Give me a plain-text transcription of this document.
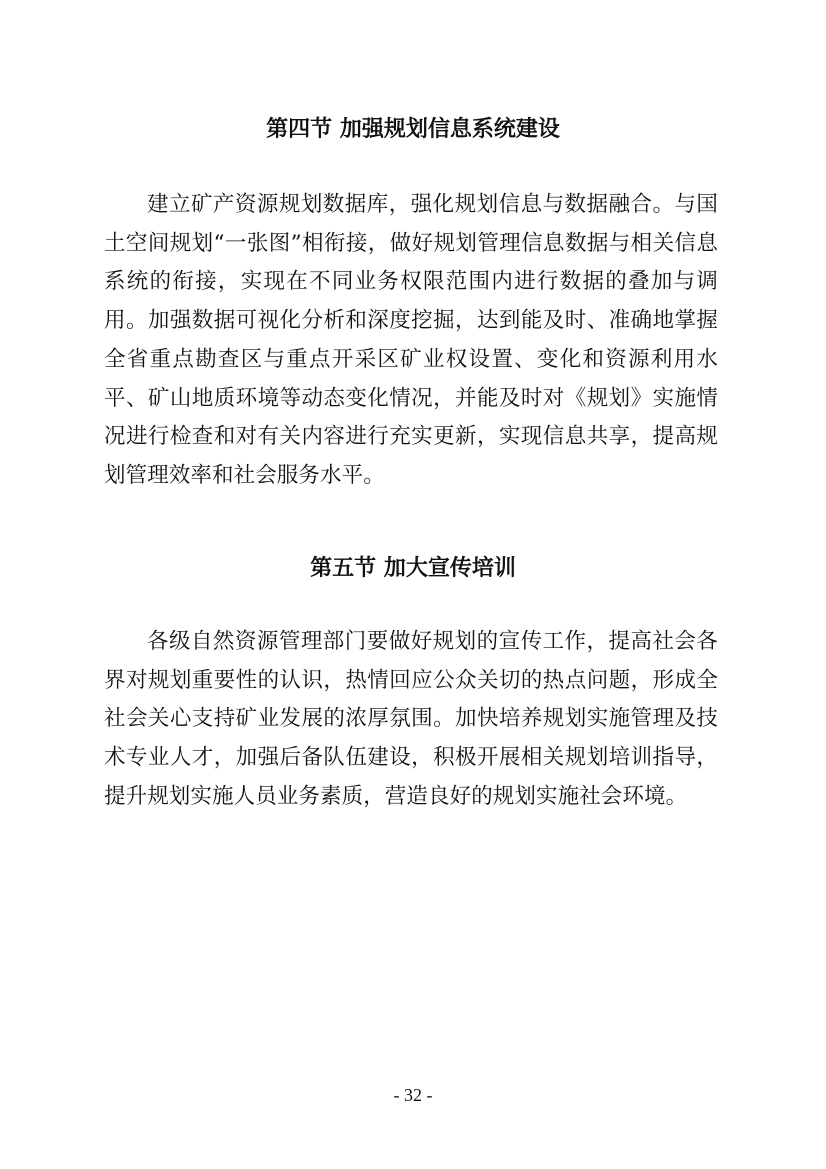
第四节 加强规划信息系统建设

建立矿产资源规划数据库，强化规划信息与数据融合。与国土空间规划“一张图”相衔接，做好规划管理信息数据与相关信息系统的衔接，实现在不同业务权限范围内进行数据的叠加与调用。加强数据可视化分析和深度挖掘，达到能及时、准确地掌握全省重点勘查区与重点开采区矿业权设置、变化和资源利用水平、矿山地质环境等动态变化情况，并能及时对《规划》实施情况进行检查和对有关内容进行充实更新，实现信息共享，提高规划管理效率和社会服务水平。

第五节 加大宣传培训

各级自然资源管理部门要做好规划的宣传工作，提高社会各界对规划重要性的认识，热情回应公众关切的热点问题，形成全社会关心支持矿业发展的浓厚氛围。加快培养规划实施管理及技术专业人才，加强后备队伍建设，积极开展相关规划培训指导，提升规划实施人员业务素质，营造良好的规划实施社会环境。

- 32 -
